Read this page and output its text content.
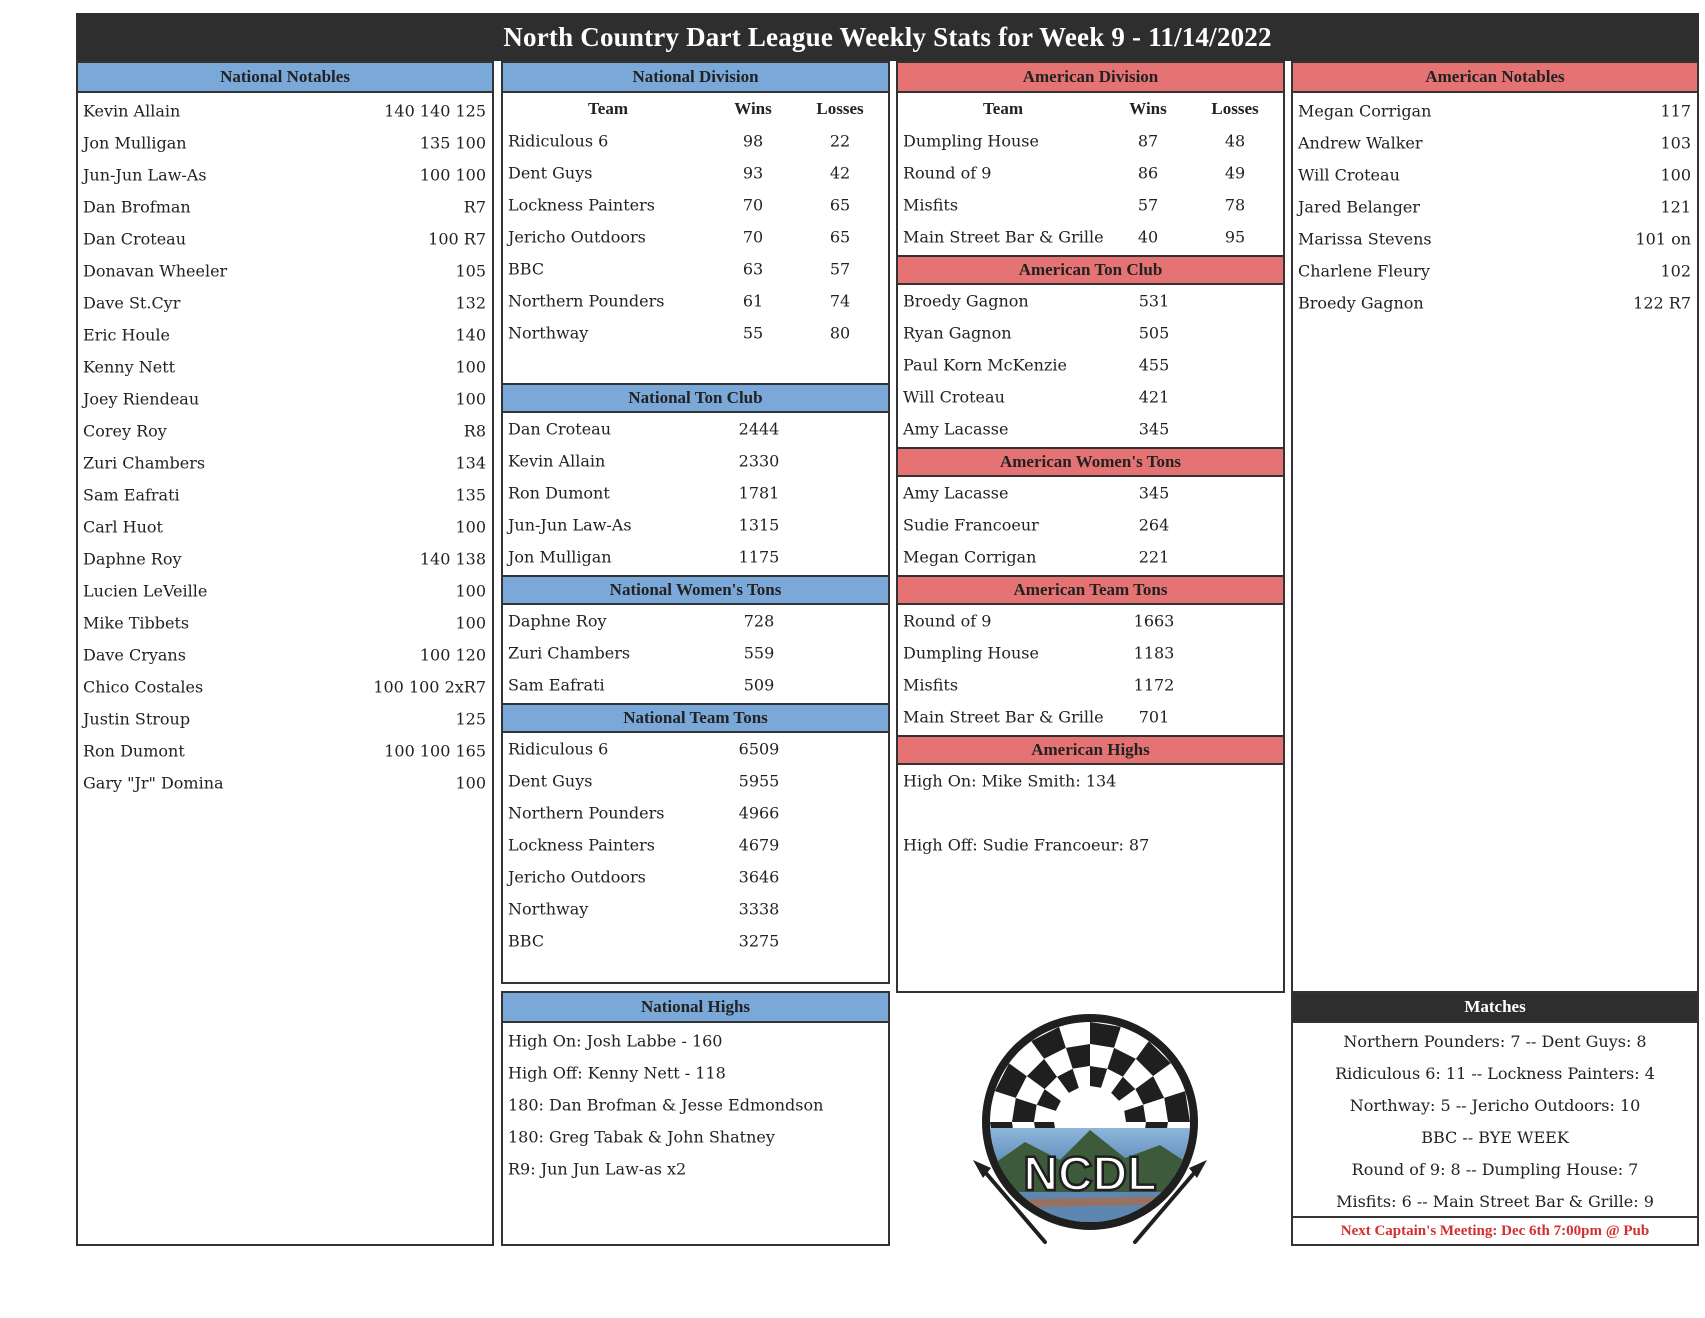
North Country Dart League Weekly Stats for Week 9 - 11/14/2022
National Notables
Kevin Allain	140 140 125
Jon Mulligan	135 100
Jun-Jun Law-As	100 100
Dan Brofman	R7
Dan Croteau	100 R7
Donavan Wheeler	105
Dave St.Cyr	132
Eric Houle	140
Kenny Nett	100
Joey Riendeau	100
Corey Roy	R8
Zuri Chambers	134
Sam Eafrati	135
Carl Huot	100
Daphne Roy	140 138
Lucien LeVeille	100
Mike Tibbets	100
Dave Cryans	100 120
Chico Costales	100 100 2xR7
Justin Stroup	125
Ron Dumont	100 100 165
Gary "Jr" Domina	100
National Division
Team	Wins	Losses
Ridiculous 6	98	22
Dent Guys	93	42
Lockness Painters	70	65
Jericho Outdoors	70	65
BBC	63	57
Northern Pounders	61	74
Northway	55	80
National Ton Club
Dan Croteau	2444
Kevin Allain	2330
Ron Dumont	1781
Jun-Jun Law-As	1315
Jon Mulligan	1175
National Women's Tons
Daphne Roy	728
Zuri Chambers	559
Sam Eafrati	509
National Team Tons
Ridiculous 6	6509
Dent Guys	5955
Northern Pounders	4966
Lockness Painters	4679
Jericho Outdoors	3646
Northway	3338
BBC	3275
National Highs
High On: Josh Labbe - 160
High Off: Kenny Nett - 118
180: Dan Brofman & Jesse Edmondson
180: Greg Tabak & John Shatney
R9: Jun Jun Law-as x2
American Division
Team	Wins	Losses
Dumpling House	87	48
Round of 9	86	49
Misfits	57	78
Main Street Bar & Grille	40	95
American Ton Club
Broedy Gagnon	531
Ryan Gagnon	505
Paul Korn McKenzie	455
Will Croteau	421
Amy Lacasse	345
American Women's Tons
Amy Lacasse	345
Sudie Francoeur	264
Megan Corrigan	221
American Team Tons
Round of 9	1663
Dumpling House	1183
Misfits	1172
Main Street Bar & Grille	701
American Highs
High On: Mike Smith: 134
High Off: Sudie Francoeur: 87
NCDL
American Notables
Megan Corrigan	117
Andrew Walker	103
Will Croteau	100
Jared Belanger	121
Marissa Stevens	101 on
Charlene Fleury	102
Broedy Gagnon	122 R7
Matches
Northern Pounders: 7 -- Dent Guys: 8
Ridiculous 6: 11 -- Lockness Painters: 4
Northway: 5 -- Jericho Outdoors: 10
BBC -- BYE WEEK
Round of 9: 8 -- Dumpling House: 7
Misfits: 6 -- Main Street Bar & Grille: 9
Next Captain's Meeting: Dec 6th 7:00pm @ Pub
